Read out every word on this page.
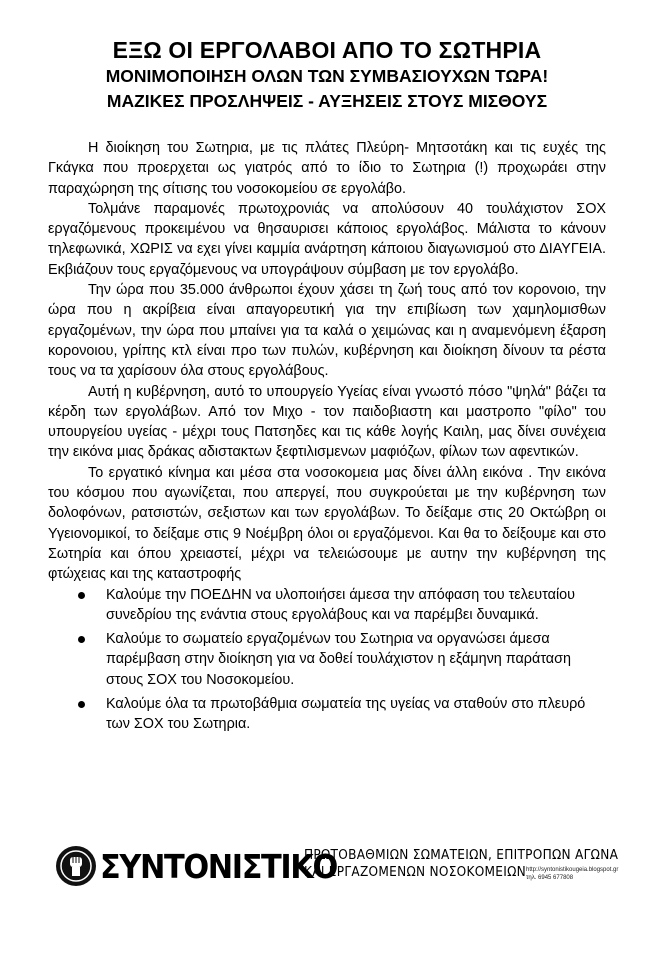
ΕΞΩ ΟΙ ΕΡΓΟΛΑΒΟΙ ΑΠΟ ΤΟ ΣΩΤΗΡΙΑ
ΜΟΝΙΜΟΠΟΙΗΣΗ ΟΛΩΝ ΤΩΝ ΣΥΜΒΑΣΙΟΥΧΩΝ ΤΩΡΑ!
ΜΑΖΙΚΕΣ ΠΡΟΣΛΗΨΕΙΣ - ΑΥΞΗΣΕΙΣ ΣΤΟΥΣ ΜΙΣΘΟΥΣ

Η διοίκηση του Σωτηρια, με τις πλάτες Πλεύρη- Μητσοτάκη και τις ευχές της Γκάγκα που προερχεται ως γιατρός από το ίδιο το Σωτηρια (!) προχωράει στην παραχώρηση της σίτισης του νοσοκομείου σε εργολάβο.

Τολμάνε παραμονές πρωτοχρονιάς να απολύσουν 40 τουλάχιστον ΣΟΧ εργαζόμενους προκειμένου να θησαυρισει κάποιος εργολάβος. Μάλιστα το κάνουν τηλεφωνικά, ΧΩΡΙΣ να εχει γίνει καμμία ανάρτηση κάποιου διαγωνισμού στο ΔΙΑΥΓΕΙΑ. Εκβιάζουν τους εργαζόμενους να υπογράψουν σύμβαση με τον εργολάβο.

Την ώρα που 35.000 άνθρωποι έχουν χάσει τη ζωή τους από τον κορονοιο, την ώρα που η ακρίβεια είναι απαγορευτική για την επιβίωση των χαμηλομισθων εργαζομένων, την ώρα που μπαίνει για τα καλά ο χειμώνας και η αναμενόμενη έξαρση κορονοιου, γρίπης κτλ είναι προ των πυλών, κυβέρνηση και διοίκηση δίνουν τα ρέστα τους να τα χαρίσουν όλα στους εργολάβους.

Αυτή η κυβέρνηση, αυτό το υπουργείο Υγείας είναι γνωστό πόσο "ψηλά" βάζει τα κέρδη των εργολάβων. Από τον Μιχο - τον παιδοβιαστη και μαστροπο "φίλο" του υπουργείου υγείας - μέχρι τους Πατσηδες και τις κάθε λογής Καιλη, μας δίνει συνέχεια την εικόνα μιας δράκας αδιστακτων ξεφτιλισμενων μαφιόζων, φίλων των αφεντικών.

Το εργατικό κίνημα και μέσα στα νοσοκομεια μας δίνει άλλη εικόνα . Την εικόνα του κόσμου που αγωνίζεται, που απεργεί, που συγκρούεται με την κυβέρνηση των δολοφόνων, ρατσιστών, σεξιστων και των εργολάβων. Το δείξαμε στις 20 Οκτώβρη οι Υγειονομικοί, το δείξαμε στις 9 Νοέμβρη όλοι οι εργαζόμενοι. Και θα το δείξουμε και στο Σωτηρία και όπου χρειαστεί, μέχρι να τελειώσουμε με αυτην την κυβέρνηση της φτώχειας και της καταστροφής

Καλούμε την ΠΟΕΔΗΝ να υλοποιήσει άμεσα την απόφαση του τελευταίου συνεδρίου της ενάντια στους εργολάβους και να παρέμβει δυναμικά.
Καλούμε το σωματείο εργαζομένων του Σωτηρια να οργανώσει άμεσα παρέμβαση στην διοίκηση για να δοθεί τουλάχιστον η εξάμηνη παράταση στους ΣΟΧ του Νοσοκομείου.
Καλούμε όλα τα πρωτοβάθμια σωματεία της υγείας να σταθούν στο πλευρό των ΣΟΧ του Σωτηρια.
ΣΥΝΤΟΝΙΣΤΙΚΟ
ΠΡΩΤΟΒΑΘΜΙΩΝ ΣΩΜΑΤΕΙΩΝ, ΕΠΙΤΡΟΠΩΝ ΑΓΩΝΑ
ΚΑΙ ΕΡΓΑΖΟΜΕΝΩΝ ΝΟΣΟΚΟΜΕΙΩΝ http://syntonistikougeia.blogspot.gr
τηλ. 6945 677808
